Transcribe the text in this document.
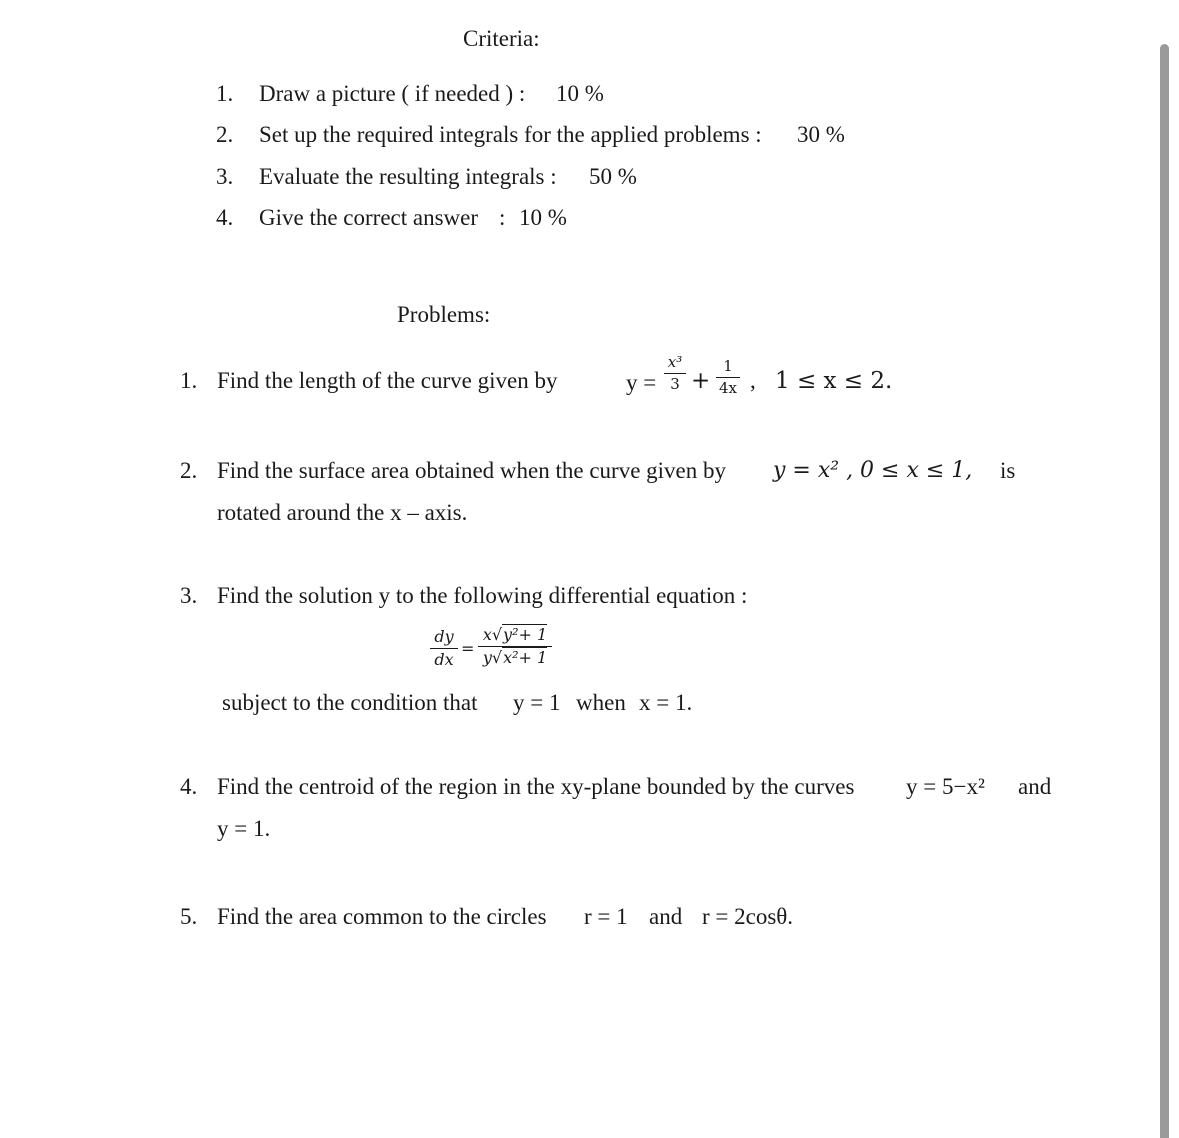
Criteria:
1. Draw a picture ( if needed ) : 10 %
2. Set up the required integrals for the applied problems : 30 %
3. Evaluate the resulting integrals : 50 %
4. Give the correct answer : 10 %
Problems:
1. Find the length of the curve given by	y =
x³
3 +
1
4x , 1 ≤ x ≤ 2.
2. Find the surface area obtained when the curve given by y = x² , 0 ≤ x ≤ 1, is
rotated around the x – axis.
3. Find the solution y to the following differential equation :
dy
dx
=
x√y²+ 1
y√x²+ 1
subject to the condition that y = 1 when x = 1.
4. Find the centroid of the region in the xy-plane bounded by the curves y = 5−x² and
y = 1.
5. Find the area common to the circles r = 1 and r = 2cosθ.
